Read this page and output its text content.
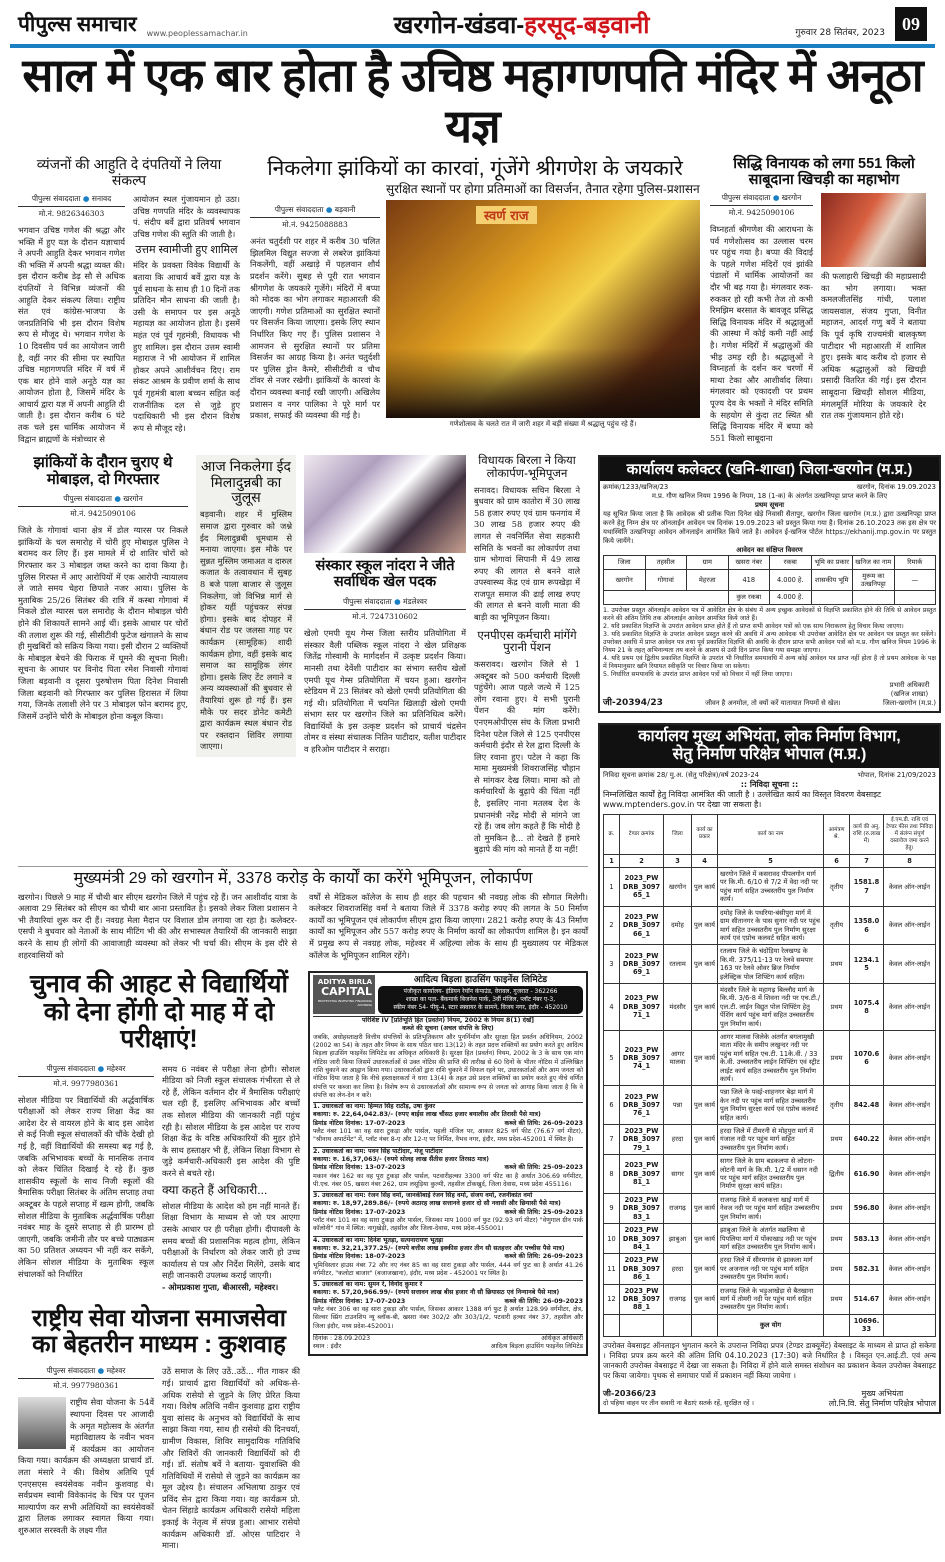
पीपुल्स समाचार www.peoplessamachar.in	खरगोन-खंडवा-हरसूद-बड़वानी	गुरुवार 28 सितंबर, 2023 09
साल में एक बार होता है उचिष्ठ महागणपति मंदिर में अनूठा यज्ञ
व्यंजनों की आहुति दे दंपतियों ने लिया संकल्प
पीपुल्स संवाददाता ● सनावद
मो.नं. 9826346303
भगवान उचिष्ठ गणेश की श्रद्धा और भक्ति में हुए यज्ञ के दौरान यज्ञाचार्य ने अपनी आहुति देकर भगवान गणेश की भक्ति में अपनी श्रद्धा व्यक्त की। इस दौरान करीब डेढ़ सौ से अधिक दंपतियों ने विभिन्न व्यंजनों की आहुति देकर संकल्प लिया। राष्ट्रीय संत एवं कांग्रेस-भाजपा के जनप्रतिनिधि भी इस दौरान विशेष रूप से मौजूद थे। भगवान गणेश के 10 दिवसीय पर्व का आयोजन जारी है, वहीं नगर की सीमा पर स्थापित उचिष्ठ महागणपति मंदिर में वर्ष में एक बार होने वाले अनूठे यज्ञ का आयोजन होता है, जिसमें मंदिर के आचार्य द्वारा यज्ञ में अपनी आहुति दी जाती है। इस दौरान करीब 6 घंटे तक चले इस धार्मिक आयोजन में विद्वान ब्राह्मणों के मंत्रोच्चार से
आयोजन स्थल गुंजायमान हो उठा। उचिष्ठ गणपति मंदिर के व्यवस्थापक पं. संदीप बर्वे द्वारा प्रतिवर्ष भगवान उचिष्ठ गणेश की स्तुति की जाती है।
उत्तम स्वामीजी हुए शामिल
मंदिर के प्रवक्ता विवेक विद्यार्थी के बताया कि आचार्य बर्वे द्वारा यज्ञ के पूर्व साधना के साथ ही 10 दिनों तक प्रतिदिन मौन साधना की जाती है। उसी के समापन पर इस अनूठे महायज्ञ का आयोजन होता है। इसमें महंत एवं पूर्व गृहमंत्री, विधायक भी हुए शामिल। इस दौरान उत्तम स्वामी महाराज ने भी आयोजन में शामिल होकर अपने आशीर्वचन दिए। राम संकट आश्रम के प्रवीण शर्मा के साथ पूर्व गृहमंत्री बाला बच्चन सहित कई राजनीतिक दल से जुड़े हुए पदाधिकारी भी इस दौरान विशेष रूप से मौजूद रहे।
निकलेगा झांकियों का कारवां, गूंजेंगे श्रीगणेश के जयकारे
पीपुल्स संवाददाता ● बड़वानी
मो.नं. 9425088883
अनंत चतुर्दशी पर शहर में करीब 30 चलित झिलमिल विद्युत सज्जा से लबरेज झांकियां निकलेंगी, वहीं अखाड़े में पहलवान शौर्य प्रदर्शन करेंगे। सुबह से पूरी रात भगवान श्रीगणेश के जयकारे गूजेंगे। मंदिरों में बप्पा को मोदक का भोग लगाकर महाआरती की जाएगी। गणेश प्रतिमाओं का सुरक्षित स्थानों पर विसर्जन किया जाएगा। इसके लिए स्थान निर्धारित किए गए हैं। पुलिस प्रशासन ने आमजन से सुरक्षित स्थानों पर प्रतिमा विसर्जन का आग्रह किया है। अनंत चतुर्दशी पर पुलिस ड्रोन कैमरे, सीसीटीवी व चौथ टॉवर से नजर रखेगी। झांकियों के कारवां के दौरान व्यवस्था बनाई रखी जाएगी। अखिलेय प्रशासन व नगर पालिका ने पूरे मार्ग पर प्रकाश, सफाई की व्यवस्था की गई है।
सुरक्षित स्थानों पर होगा प्रतिमाओं का विसर्जन, तैनात रहेगा पुलिस-प्रशासन
स्वर्ण राज
गणेशोत्सव के चलते रात में जारी शहर में बड़ी संख्या में श्रद्धालु पहुंच रहे हैं।
सिद्धि विनायक को लगा 551 किलो साबूदाना खिचड़ी का महाभोग
पीपुल्स संवाददाता ● खरगोन
मो.नं. 9425090106
विघ्नहर्ता श्रीगणेश की आराधना के पर्व गणेशोत्सव का उल्लास चरम पर पहुंच गया है। बप्पा की विदाई के पहले गणेश मंदिरों एवं झांकी पंडालों में धार्मिक आयोजनों का दौर भी बढ़ गया है। मंगलवार रुक-रुककर हो रही कभी तेज तो कभी रिमझिम बरसात के बावजूद प्रसिद्ध सिद्धि विनायक मंदिर में श्रद्धालुओं की आस्था में कोई कमी नहीं आई है। गणेश मंदिरों में श्रद्धालुओं की भीड़ उमड़ रही है। श्रद्धालुओं ने विघ्नहर्ता के दर्शन कर चरणों में माथा टेका और आशीर्वाद लिया। मंगलवार को एकादशी पर प्रथम पूज्य देव के भक्तों ने मंदिर समिति के सहयोग से कुंदा तट स्थित श्री सिद्धि विनायक मंदिर में बप्पा को 551 किलो साबूदाना
की फलाहारी खिचड़ी की महाप्रसादी का भोग लगाया। भक्त कमलजीतसिंह गांधी, पलाश जायसवाल, संजय गुप्ता, विनीत महाजन, आदर्श गणु बर्वे ने बताया कि पूर्व कृषि राज्यमंत्री बालकृष्ण पाटीदार भी महाआरती में शामिल हुए। इसके बाद करीब दो हजार से अधिक श्रद्धालुओं को खिचड़ी प्रसादी वितरित की गई। इस दौरान साबूदाना खिचड़ी सोशल मीडिया, मंगलमूर्ति मोरिया के जयकारे देर रात तक गुंजायमान होते रहे।
झांकियों के दौरान चुराए थे मोबाइल, दो गिरफ्तार
पीपुल्स संवाददाता ● खरगोन
मो.नं. 9425090106
जिले के गोगावां थाना क्षेत्र में डोल ग्यारस पर निकले झांकियों के चल समारोह में चोरी हुए मोबाइल पुलिस ने बरामद कर लिए हैं। इस मामले में दो शातिर चोरों को गिरफ्तार कर 3 मोबाइल जब्त करने का दावा किया है। पुलिस गिरफ्त में आए आरोपियों में एक आरोपी न्यायालय ले जाते समय चेहरा छिपाते नजर आया। पुलिस के मुताबिक 25/26 सितंबर की रात्रि में कस्बा गोगावां में निकले डोल ग्यारस चल समारोह के दौरान मोबाइल चोरी होने की शिकायतें सामने आई थीं। इसके आधार पर चोरों की तलाश शुरू की गई, सीसीटीवी फुटेज खंगालने के साथ ही मुखबिरों को सक्रिय किया गया। इसी दौरान 2 व्यक्तियों के मोबाइल बेचने की फिराक में घूमने की सूचना मिली। सूचना के आधार पर विनोद पिता रमेश निवासी गोगावां जिला बड़वानी व दूसरा पुरुषोत्तम पिता दिनेश निवासी जिला बड़वानी को गिरफ्तार कर पुलिस हिरासत में लिया गया, जिनके तलाशी लेने पर 3 मोबाइल फोन बरामद हुए, जिसमें उन्होंने चोरी के मोबाइल होना कबूल किया।
आज निकलेगा ईद मिलादुन्नबी का जुलूस
बड़वानी। शहर में मुस्लिम समाज द्वारा गुरुवार को जश्ने ईद मिलादुन्नबी धूमधाम से मनाया जाएगा। इस मौके पर सुन्नत मुस्लिम जमाअत व दारुल कजात के तत्वावधान में सुबह 8 बजे पाला बाजार से जुलूस निकलेगा, जो विभिन्न मार्ग से होकर यहीं पहुंचकर संपन्न होगा। इसके बाद दोपहर में बंधान रोड पर जलसा गाह पर कार्यक्रम (सामूहिक) शादी कार्यक्रम होगा, वहीं इसके बाद समाज का सामूहिक लंगर होगा। इसके लिए टेंट लगाने व अन्य व्यवस्थाओं की बुधवार से तैयारियां शुरू हो गई हैं। इस मौके पर सदर डोनेट कमेटी द्वारा कार्यक्रम स्थल बंधान रोड पर रक्तदान शिविर लगाया जाएगा।
संस्कार स्कूल नांदरा ने जीते सर्वाधिक खेल पदक
पीपुल्स संवाददाता ● मंडलेश्वर
मो.नं. 7247310602
खेलो एमपी यूथ गेम्स जिला स्तरीय प्रतियोगिता में संस्कार वैली पब्लिक स्कूल नांदरा ने खेल प्रशिक्षक जितेंद्र गोस्वामी के मार्गदर्शन में उत्कृष्ट प्रदर्शन किया। मानसी तथा देवेंशी पाटीदार का संभाग स्तरीय खेलों एमपी यूथ गेम्स प्रतियोगिता में चयन हुआ। खरगोन स्टेडियम में 23 सितंबर को खेलो एमपी प्रतियोगिता की गई थी। प्रतियोगिता में चयनित खिलाड़ी खेलो एमपी संभाग स्तर पर खरगोन जिले का प्रतिनिधित्व करेंगे। विद्यार्थियों के इस उत्कृष्ट प्रदर्शन को प्राचार्य चंद्रसेन तोमर व संस्था संचालक नितिन पाटीदार, यतीश पाटीदार व हरिओम पाटीदार ने सराहा।
विधायक बिरला ने किया लोकार्पण-भूमिपूजन
सनावद। विधायक सचिन बिरला ने बुधवार को ग्राम कातोरा में 30 लाख 58 हजार रुपए एवं ग्राम फनगांव में 30 लाख 58 हजार रुपए की लागत से नवनिर्मित सेवा सहकारी समिति के भवनों का लोकार्पण तथा ग्राम भोगावां सिपानी में 49 लाख रुपए की लागत से बनने वाले उपस्वास्थ्य केंद्र एवं ग्राम रूपखेड़ा में राजपूत समाज की ढाई लाख रुपए की लागत से बनने वाली माता की बाड़ी का भूमिपूजन किया।
एनपीएस कर्मचारी मांगेंगे पुरानी पेंशन
कसरावद। खरगोन जिले से 1 अक्टूबर को 500 कर्मचारी दिल्ली पहुंचेंगे। आज पहले जत्थे में 125 लोग रवाना हुए। ये सभी पुरानी पेंशन की मांग करेंगे। एनएमओपीएस संघ के जिला प्रभारी दिनेश पटेल जिले से 125 एनपीएस कर्मचारी इंदौर से रेल द्वारा दिल्ली के लिए रवाना हुए। पटेल ने कहा कि मामा मुख्यमंत्री शिवराजसिंह चौहान से मांगकर देख लिया। मामा को तो कर्मचारियों के बुढ़ापे की चिंता नहीं है, इसलिए नाना मतलब देश के प्रधानमंत्री नरेंद्र मोदी से मांगने जा रहे हैं। जब लोग कहते हैं कि मोदी है तो मुमकिन है... तो देखते हैं हमारे बुढ़ापे की मांग को मानते हैं या नहीं!
मुख्यमंत्री 29 को खरगोन में, 3378 करोड़ के कार्यों का करेंगे भूमिपूजन, लोकार्पण
खरगोन। पिछले 9 माह में चौथी बार सीएम खरगोन जिले में पहुंच रहे हैं। जन आशीर्वाद यात्रा के अलावा 29 सितंबर को सीएम का चौथी बार आना प्रस्तावित है। इसको लेकर जिला प्रशासन ने भी तैयारियां शुरू कर दी हैं। नवग्रह मेला मैदान पर विशाल डोम लगाया जा रहा है। कलेक्टर-एसपी ने बुधवार को नेताओं के साथ मीटिंग भी की और सभास्थल तैयारियों की जानकारी साझा करने के साथ ही लोगों की आवाजाही व्यवस्था को लेकर भी चर्चा की। सीएम के इस दौरे से शहरवासियों को
वर्षों से मेडिकल कॉलेज के साथ ही शहर की पहचान श्री नवग्रह लोक की सौगात मिलेगी। कलेक्टर शिवराजसिंह वर्मा ने बताया जिले में 3378 करोड़ रुपए की लागत के 50 निर्माण कार्यों का भूमिपूजन एवं लोकार्पण सीएम द्वारा किया जाएगा। 2821 करोड़ रुपए के 43 निर्माण कार्यों का भूमिपूजन और 557 करोड़ रुपए के निर्माण कार्यों का लोकार्पण शामिल है। इन कार्यों में प्रमुख रूप से नवग्रह लोक, महेश्वर में अहिल्या लोक के साथ ही मुख्यालय पर मेडिकल कॉलेज के भूमिपूजन शामिल रहेंगे।
चुनाव की आहट से विद्यार्थियों को देना होंगी दो माह में दो परीक्षाएं!
पीपुल्स संवाददाता ● महेश्वर
मो.नं. 9977980361
सोशल मीडिया पर विद्यार्थियों की अर्द्धवार्षिक परीक्षाओं को लेकर राज्य शिक्षा केंद्र का आदेश देर से वायरल होने के बाद इस आदेश से कई निजी स्कूल संचालकों की चौंके देखी हो गई है, वहीं विद्यार्थियों की समस्या बढ़ गई है, जबकि अभिभावक बच्चों के मानसिक तनाव को लेकर चिंतित दिखाई दे रहे हैं। कुछ शासकीय स्कूलों के साथ निजी स्कूलों की त्रैमासिक परीक्षा सितंबर के अंतिम सप्ताह तथा अक्टूबर के पहले सप्ताह में खत्म होगी, जबकि सोशल मीडिया के मुताबिक अर्द्धवार्षिक परीक्षा नवंबर माह के दूसरे सप्ताह से ही प्रारम्भ हो जाएगी, जबकि जमीनी तौर पर बच्चे पाठ्यक्रम का 50 प्रतिशत अध्ययन भी नहीं कर सकेंगे, लेकिन सोशल मीडिया के मुताबिक स्कूल संचालकों को निर्धारित
समय 6 नवंबर से परीक्षा लेना होगी। सोशल मीडिया को निजी स्कूल संचालक गंभीरता से ले रहे हैं, लेकिन वर्तमान दौर में त्रैमासिक परीक्षाएं चल रही हैं, इसलिए अभिभावक और बच्चों तक सोशल मीडिया की जानकारी नहीं पहुंच रही है। सोशल मीडिया के इस आदेश पर राज्य शिक्षा केंद्र के वरिष्ठ अधिकारियों की मुहर होने के साथ हस्ताक्षर भी हैं, लेकिन शिक्षा विभाग से जुड़े कर्मचारी-अधिकारी इस आदेश की पुष्टि करने से बचते रहे।
क्या कहते हैं अधिकारी...
सोशल मीडिया के आदेश को हम नहीं मानते हैं। शिक्षा विभाग के माध्यम से जो पत्र आएगा उसके आधार पर ही परीक्षा होगी। दीपावली के समय बच्चों की प्रशासनिक महत्व होगा, लेकिन परीक्षाओं के निर्धारण को लेकर जारी हो उच्च कार्यालय से पत्र और निर्देश मिलेंगे, उसके बाद सही जानकारी उपलब्ध कराई जाएगी।
- ओमप्रकाश गुप्ता, बीआरसी, महेश्वर।
राष्ट्रीय सेवा योजना समाजसेवा का बेहतरीन माध्यम : कुशवाह
पीपुल्स संवाददाता ● महेश्वर
मो.नं. 9977980361
राष्ट्रीय सेवा योजना के 54वें स्थापना दिवस पर आजादी के अमृत महोत्सव के अंतर्गत महाविद्यालय के नवीन भवन में कार्यक्रम का आयोजन किया गया। कार्यक्रम की अध्यक्षता प्राचार्य डॉ. लता मंसारे ने की। विशेष अतिथि पूर्व एनएसएस स्वयंसेवक नवीन कुशवाह थे। सर्वप्रथम स्वामी विवेकानंद के चित्र पर पूजन माल्यार्पण कर सभी अतिथियों का स्वयंसेवकों द्वारा तिलक लगाकर स्वागत किया गया। शुरुआत सरस्वती के लक्ष्य गीत
उठें समाज के लिए उठें..उठें... गीत गाकर की गई। प्राचार्य द्वारा विद्यार्थियों को अधिक-से-अधिक रासेयो से जुड़ने के लिए प्रेरित किया गया। विशेष अतिथि नवीन कुशवाह द्वारा राष्ट्रीय युवा सांसद के अनुभव को विद्यार्थियों के साथ साझा किया गया, साथ ही रासेयो की दिनचर्या, ग्रामीण विकास, शिविर सामुदायिक गतिविधि और शिविरों की जानकारी विद्यार्थियों को दी गई। डॉ. संतोष बर्वे ने बताया- युवाशक्ति की गतिविधियों में रासेयो से जुड़ने का कार्यक्रम का मूल उद्देश्य है। संचालन अभिलाषा ठाकुर एवं प्रविंद सेन द्वारा किया गया। यह कार्यक्रम प्रो. चेतन सिंहाडे कार्यक्रम अधिकारी रासेयो महिला इकाई के नेतृत्व में संपन्न हुआ। आभार रासेयो कार्यक्रम अधिकारी डॉ. ओएस पाटिदार ने माना।
ADITYA BIRLA
CAPITAL

PROTECTING INVESTING FINANCING ADVISING
आदित्य बिड़ला हाउसिंग फाइनेंस लिमिटेड
पंजीकृत कार्यालय- इंडियन रेयॉन कंपाउंड, वेरावल, गुजरात - 362266
शाखा का पता- बैंकमार्क बिजनेस पार्क, 3वीं मंजिल, प्लॉट नंबर ए-3,
स्कीम नंबर 54- पीयू-4, स्टार स्क्वायर के सामने, विजय नगर, इंदौर - 452010
परिशिष्ट IV [प्रतिभूति हित (प्रवर्तन) नियम, 2002 के नियम 8(1) देखें]
कब्जे की सूचना (अचल संपत्ति के लिए)
जबकि, अधोहस्ताक्षरी वित्तीय संपत्तियों के प्रतिभूतिकरण और पुनर्निर्माण और सुरक्षा हित प्रवर्तन अधिनियम, 2002 (2002 का 54) के तहत और नियम के साथ पठित धारा 13(12) के तहत प्रदत्त शक्तियों का प्रयोग करते हुए आदित्य बिड़ला हाउसिंग फाइनेंस लिमिटेड का अधिकृत अधिकारी है। सुरक्षा हित (प्रवर्तन) नियम, 2002 के 3 के साथ एक मांग नोटिस जारी किया जिसमें उधारकर्ताओं से उक्त नोटिस की प्राप्ति की तारीख से 60 दिनों के भीतर नोटिस में उल्लिखित राशि चुकाने का आह्वान किया गया। उधारकर्ताओं द्वारा राशि चुकाने में विफल रहने पर, उधारकर्ताओं और आम जनता को नोटिस दिया जाता है कि नीचे हस्ताक्षरकर्ता ने धारा 13(4) के तहत उसे प्रदत्त शक्तियों का प्रयोग करते हुए नीचे वर्णित संपत्ति पर कब्जा कर लिया है। विशेष रूप से उधारकर्ताओं और सामान्य रूप से जनता को आगाह किया जाता है कि वे संपत्ति का लेन-देन न करें।
1. उधारकर्ता का नाम: हिम्मत सिंह राठौड़, उषा कुंवर
बकाया: रु. 22,64,042.83/- (रुपए बाईस लाख चौंसठ हजार बयालीस और तिरासी पैसे मात्र)
डिमांड नोटिस दिनांक: 17-07-2023	कब्जे की तिथि: 26-09-2023
फ्लैट नंबर 101 का वह सारा टुकड़ा और पार्सल, पहली मंजिल पर, आकार 825 वर्ग फीट (76.67 वर्ग मीटर), "श्रीनाथ अपार्टमेंट" में, प्लॉट नंबर 8-ए और 12-ए पर निर्मित, वैभव नगर, इंदौर, मध्य प्रदेश-452001 में स्थित है।
2. उधारकर्ता का नाम: पवन सिंह पाटीदार, मंजू पाटीदार
बकाया: रु. 16,37,063/- (रुपये सोलह लाख सैंतीस हजार तिरसठ मात्र)
डिमांड नोटिस दिनांक: 13-07-2023	कब्जे की तिथि: 25-09-2023
मकान नंबर 162 का वह पूरा टुकड़ा और पार्सल, पटवारीहल्का 3300 वर्ग फीट का है अर्थात 306.69 वर्गमीटर, पी.एच. नंबर 05, खसरा नंबर 262, ग्राम लसूड़िया कुल्मी, तहसील टोंकखुर्द, जिला देवास, मध्य प्रदेश 455116।
3. उधारकर्ता का नाम: रंजन सिंह वर्मा, जानकीबाई रंजन सिंह वर्मा, संजय वर्मा, रजनीकांत वर्मा
बकाया: रु. 18,97,289.86/- (रुपये अठारह लाख सत्तानवे हजार दो सौ नवासी और छियासी पैसे मात्र)
डिमांड नोटिस दिनांक: 17-07-2023	कब्जे की तिथि: 25-09-2023
प्लॉट नंबर 101 का वह सारा टुकड़ा और पार्सल, जिसका माप 1000 वर्ग फुट (92.93 वर्ग मीटर) "वेणुगाल ग्रीन पार्क कॉलोनी" गांव में स्थित: नागुखेड़ी, तहसील और जिला-देवास, मध्य प्रदेश-455001।
4. उधारकर्ता का नाम: दिनेश भूतड़ा, सत्यनारायण भूतड़ा
बकाया: रु. 32,21,377.25/- (रुपये बत्तीस लाख इक्कीस हजार तीन सौ सतहत्तर और पच्चीस पैसे मात्र)
डिमांड नोटिस दिनांक: 18-07-2023	कब्जे की तिथि: 26-09-2023
भूमिविस्तार हाउस नंबर 72 और नए नंबर 85 का वह सारा टुकड़ा और पार्सल, 444 वर्ग फुट का है अर्थात 41.26 वर्गमीटर, "कलोटा बाजार" (बजाजखाना), इंदौर, मध्य प्रदेश - 452001 पर स्थित है।
5. उधारकर्ता का नाम: सुमन रे, विनोद कुमार रे
बकाया: रु. 57,20,966.99/- (रुपये सत्तावन लाख बीस हजार नौ सौ छियासठ एवं निन्यानबे पैसे मात्र)
डिमांड नोटिस दिनांक: 17-07-2023	कब्जे की तिथि: 26-09-2023
फ्लैट नंबर 306 का वह सारा टुकड़ा और पार्सल, जिसका आकार 1388 वर्ग फुट है अर्थात 128.99 वर्गमीटर, क्षेत्र, सिल्वर स्प्रिंग टाउनशिप न्यू ब्लॉक-बी, खसरा नंबर 302/2 और 303/1/2, पटवारी हल्का नंबर 37, तहसील और जिला इंदौर, मध्य प्रदेश-452001।
दिनांक : 28.09.2023
स्थान : इंदौर
अधिकृत अधिकारी
आदित्य बिड़ला हाउसिंग फाइनेंस लिमिटेड
कार्यालय कलेक्टर (खनि-शाखा) जिला-खरगोन (म.प्र.)
क्रमांक/1233/खनिज/23	खरगोन, दिनांक 19.09.2023
म.प्र. गौण खनिज नियम 1996 के नियम, 18 (1-क) के अंतर्गत उत्खनिपट्टा प्राप्त करने के लिए
प्रथम सूचना
यह सूचित किया जाता है कि आवेदक श्री प्रतीक पिता दिनेश खेड़े निवासी सैतापुर, खरगोन जिला खरगोन (म.प्र.) द्वारा उत्खनिपट्टा प्राप्त करने हेतु निम्न क्षेत्र पर ऑनलाईन आवेदन पत्र दिनांक 19.09.2023 को प्रस्तुत किया गया है। दिनांक 26.10.2023 तक इस क्षेत्र पर यथास्थिति उत्खनिपट्टा आवेदन ऑनलाईन आमंत्रित किये जाते है। आवेदन ई-खनिज पोर्टल https://ekhanij.mp.gov.in पर प्रस्तुत किये जायेंगे।
आवेदन का संक्षिप्त विवरण
जिला	तहसील	ग्राम	खसरा नंबर	रकबा	भूमि का प्रकार	खनिज का नाम	रिमार्क
खरगोन	गोगावां	मेहरजा	418	4.000 हे.	शासकीय भूमि	मुरूम का उत्खनिपट्टा	—
			कुल रकबा	4.000 हे.			
1. उपरोक्त प्रस्तुत ऑनलाईन आवेदन पत्र में आवेदित क्षेत्र के संबंध में अन्य इच्छुक आवेदकों से विज्ञप्ति प्रकाशित होने की तिथि से आवेदन प्रस्तुत करने की अंतिम तिथि तक ऑनलाईन आवेदन आमंत्रित किये जाते हैं।
2. यदि प्रकाशित विज्ञप्ति के उपरांत आवेदन प्राप्त होते हैं तो प्राप्त सभी आवेदन पत्रों को एक साथ निराकरण हेतु विचार किया जाएगा।
3. यदि प्रकाशित विज्ञप्ति के उपरांत आवेदन प्रस्तुत करने की अवधि में अन्य आवेदक भी उपरोक्त आवेदित क्षेत्र पर आवेदन पत्र प्रस्तुत कर सकेंगे। उपरोक्त अवधि में प्राप्त आवेदन पत्र तथा पूर्व प्रकाशित विज्ञप्ति की अवधि के दौरान प्राप्त सभी आवेदन पत्रों को म.प्र. गौण खनिज नियम 1996 के नियम 21 के तहत् अभिनान्यता तय करने के आशय से उसी दिन प्राप्त किया गया समझा जाएगा।
4. यदि प्रथम एवं द्वितीय प्रकाशित विज्ञप्ति के उपरांत भी निर्धारित समयावधि में अन्य कोई आवेदन पत्र प्राप्त नहीं होता है तो प्रथम आवेदक के पक्ष में नियमानुसार खनि रियायत स्वीकृति पर विचार किया जा सकेगा।
5. निर्धारित समयावधि के उपरांत प्राप्त आवेदन पत्रों को विचार में नहीं लिया जाएगा।
जी-20394/23	जीवन है अनमोल, तो क्यों करें यातायात नियमों से खेल।
प्रभारी अधिकारी
(खनिज शाखा)
जिला-खरगोन (म.प्र.)
कार्यालय मुख्य अभियंता, लोक निर्माण विभाग,
सेतु निर्माण परिक्षेत्र भोपाल (म.प्र.)
निविदा सूचना क्रमांक 28/ मु.अ. (सेतु परिक्षेत्र)/वर्ष 2023-24	भोपाल, दिनांक 21/09/2023
:: निविदा सूचना ::
निम्नलिखित कार्यों हेतु निविदा आमंत्रित की जाती है । उल्लेखित कार्य का विस्तृत विवरण वेबसाइट www.mptenders.gov.in पर देखा जा सकता है।
क्र.	टेण्डर क्रमांक	जिला	कार्य का प्रकार	कार्य का नाम	आमंत्रण श्रे.	कार्य की अनु. राशि (रु.लाख में)	ई.एम.डी. राशि एवं टेण्डर फीस तथा निविदा में संलंग्न संपूर्ण दस्तावेज जमा करने हेतु।
1	2	3	4	5	6	7	8
1	2023_PWDRB_309765_1	खरगोन	पुल कार्य	खरगोन जिले में कसरावद पीपलगोन मार्ग पर कि.मी. 6/10 से 7/2 में वेदा नदी पर पहुंच मार्ग सहित उच्चस्तरीय पुल निर्माण कार्य।	तृतीय	1581.87	केवल ऑन-लाईन
2	2023_PWDRB_309766_1	दमोह	पुल कार्य	दमोह जिले के पथरिया-बंसीपुरा मार्ग में ग्राम सीतानगर के पास सुनार नदी पर पहुंच मार्ग सहित उच्चस्तरीय पुल निर्माण सुरक्षा कार्य एवं एप्रोच कलवर्ट सहित कार्य।	तृतीय	1358.06	केवल ऑन-लाईन
3	2023_PWDRB_309769_1	रतलाम	पुल कार्य	रतलाम जिले के चंदोड़िया रेलखण्ड के कि.मी. 375/11-13 पर रेलवे समपार 163 पर रेलवे ओवर ब्रिज निर्माण इलेक्ट्रिक पोल शिफ्टिंग कार्य सहित।	प्रथम	1234.15	केवल ऑन-लाईन
4	2023_PWDRB_309771_1	मंदसौर	पुल कार्य	मंदसौर जिले के महागढ़ बिल्लौद मार्ग के कि.मी. 3/6-8 में शिवना नदी पर एच.टी./एल.टी. लाईन विद्युत पोल शिफ्टिंग हेतु पेंशिंग कार्य पहुंच मार्ग सहित उच्चस्तरीय पुल निर्माण कार्य।	प्रथम	1075.48	केवल ऑन-लाईन
5	2023_PWDRB_309774_1	आगर मालवा	पुल कार्य	आगर मालवा जिलेके अंतर्गत बगलामुखी माता मंदिर के समीप लखुन्दर नदी पर पहुंच मार्ग सहित एच.टी. 11के.वी. / 33 के.वी. उच्चस्तरीय लाईन शिफ्टिंग एवं स्ट्रीट लाईट कार्य सहित उच्चस्तरीय पुल निर्माण कार्य।	प्रथम	1070.66	केवल ऑन-लाईन
6	2023_PWDRB_309776_1	पन्ना	पुल कार्य	पन्ना जिले के पवई-शाहनगर बेढ़ा मार्ग में केन नदी पर पहुंच मार्ग सहित उच्चस्तरीय पुल निर्माण सुरक्षा कार्य एवं एप्रोच कलवर्ट सहित कार्य।	तृतीय	842.48	केवल ऑन-लाईन
7	2023_PWDRB_309779_1	हरदा	पुल कार्य	हरदा जिले में टीमरनी से मोहपुरा मार्ग में गंजाल नदी पर पहुंच मार्ग सहित उच्चस्तरीय पुल निर्माण कार्य।	प्रथम	640.22	केवल ऑन-लाईन
8	2023_PWDRB_309781_1	सागर	पुल कार्य	सागर जिले के ग्राम बडकलपा से लोटना-लोटनी मार्ग के कि.मी. 1/2 में धसान नदी पर पहुंच मार्ग सहित उच्चस्तरीय पुल निर्माण सुरक्षा कार्य सहित।	द्वितीय	616.90	केवल ऑन-लाईन
9	2023_PWDRB_309783_1	राजगढ़	पुल कार्य	राजगढ़ जिले में कलकत्ता खाई मार्ग में नेवज नदी पर पहुंच मार्ग सहित उच्चस्तरीय पुल निर्माण कार्य।	प्रथम	596.80	केवल ऑन-लाईन
10	2023_PWDRB_309784_1	झाबुआ	पुल कार्य	झाबुआ जिले के अंतर्गत मछलिया से पिपलिया मार्ग में पोंकाखाड़ नदी पर पहुंच मार्ग सहित उच्चस्तरीय पुल निर्माण कार्य।	प्रथम	583.13	केवल ऑन-लाईन
11	2023_PWDRB_309786_1	हरदा	पुल कार्य	हरदा जिले में सीरमगांव से झाकला मार्ग पर अजनाल नदी पर पहुंच मार्ग सहित उच्चस्तरीय पुल निर्माण कार्य।	प्रथम	582.31	केवल ऑन-लाईन
12	2023_PWDRB_309788_1	राजगढ़	पुल कार्य	राजगढ़ जिले के भड़ुआखेड़ा से बैतखाना मार्ग में तोमरी नदी पर पहुंच मार्ग सहित उच्चस्तरीय पुल निर्माण कार्य।	प्रथम	514.67	केवल ऑन-लाईन
				कुल योग		10696.33	
उपरोक्त वेबसाइट ऑनलाइन भुगतान करने के उपरान्त निविदा प्रपत्र (टेण्डर डाक्यूमेंट) वेबसाइट के माध्यम से प्राप्त हो सकेगा । निविदा प्रपत्र क्रय करने की अंतिम तिथि 04.10.2023 (17:30) बजे निर्धारित है । विस्तृत एन.आई.टी. एवं अन्य जानकारी उपरोक्त वेबसाइट में देखा जा सकता है। निविदा में होने वाले समस्त संशोधन का प्रकाशन केवल उपरोक्त वेबसाइट पर किया जायेगा। पृथक से समाचार पत्रों में प्रकाशन नहीं किया जायेगा ।
जी-20366/23
दो पहिया वाहन पर तीन सवारी ना बैठाएं सतर्क रहें, सुरक्षित रहें ।
मुख्य अभियंता
लो.नि.वि. सेतु निर्माण परिक्षेत्र भोपाल
